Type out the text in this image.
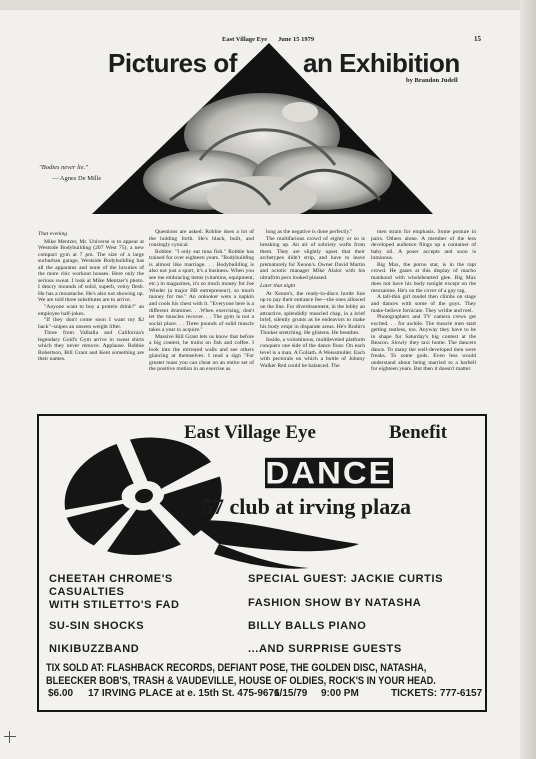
East Village Eye June 15 1979	15
Pictures of	an Exhibition
by Brandon Judell
"Bodies never lie."
— Agnes De Mille

That evening

Mike Mentzer, Mr. Universe is to appear at Westside Bodybuilding (207 West 75), a new compact gym at 7 pm. The size of a large surburban garage, Westside Bodybuilding has all the apparatus and none of the luxuries of the more chic workout houses. Here only the serious sweat. I look at Mike Mentzer's photo. I descry mounds of solid, superb, veiny flesh. He has a moustache. He's also not showing up. We are told three substitutes are to arrive.

"Anyone want to buy a protein drink?" an employee half-jokes.

"If they don't come soon I want my $2 back"–snipes an unseen weight lifter.

Three from Valhalla and California's legendary Gold's Gym arrive in sweat shirts which they never remove. Applause. Robbie Robertson, Bill Grant and Kent something are their names.

Questions are asked. Robbie does a lot of the holding forth. He's black, built, and rousingly cynical.

Robbie: "I only eat tuna fish." Robbie has trained for over eighteen years. "Bodybuilding is almost like marriage. . . Bodybuilding is also not just a sport, it's a business. When you see me embracing items (vitamins, equipment, etc.) in magazines, it's so much money for Joe Wieder (a major BB entrepreneur), so much money for me." An onlooker wets a napkin and cools his chest with it. "Everyone here is a different drummer. . .When exercising, don't let the muscles recover. . . The gym is not a social place. . . Three pounds of solid muscle takes a year to acquire."

Massive Bill Grant lets us know that before a big contest, he trains on fish and coffee. I look into the mirrored walls and see others glancing at themselves. I read a sign "For greater mass you can cheat on an entire set of the positive motion in an exercise as

long as the negative is done perfectly."

The multifarious crowd of eighty or so is breaking up. An air of sobriety wafts from them. They are slightly upset that their archetypes didn't strip, and have to leave prematurely for Xenon's. Owner David Martin and octotic manager Mike Alaloi with his ultrafirm pecs looked pleased.

Later that night

At Xenon's, the ready-to-disco horde line up to pay their entrance fee—the ones allowed on the line. For divertissement, in the lobby an attractive, splendidly muscled chap, in a brief brief, silently grunts as he endeavors to make his body erupt in disparate areas. He's Rodin's Thinker stretching. He glistens. He breathes.

Inside, a voluminous, multileveled platform conquers one side of the dance floor. On each level is a man. A Goliath. A Weissmuller. Each with pectorals on which a bottle of Johnny Walker Red could be balanced. The

men strain for emphasis. Some posture in pairs. Others alone. A member of the less developed audience flings up a container of baby oil. A poser accepts and soon is luminous.

Big Max, the porno star, is in the rapt crowd. He gazes at this display of macho manhood with wholehearted glee. Big Max does not have his body tonight except on the mezzanine. He's on the cover of a gay rag.

A tall-thin girl model then climbs on stage and dances with some of the guys. They make-believe fornicate. They writhe and reel.

Photographers and TV camera crews get excited. . . for awhile. The muscle men start getting restless, too. Anyway they have to be in shape for Saturday's big contest at the Beacon. Slowly they taxi home. The dancers dance. To many the well-developed men were freaks. To some gods. Even less would understand about being married to a barbell for eighteen years. But then it doesn't matter.

East Village Eye	Benefit
DANCE
57 club at irving plaza
CHEETAH CHROME'S
CASUALTIES
WITH STILETTO'S FAD
SU-SIN SHOCKS
NIKIBUZZBAND
SPECIAL GUEST: JACKIE CURTIS
FASHION SHOW BY NATASHA
BILLY BALLS PIANO
...AND SURPRISE GUESTS
TIX SOLD AT: FLASHBACK RECORDS, DEFIANT POSE, THE GOLDEN DISC, NATASHA,
BLEECKER BOB'S, TRASH & VAUDEVILLE, HOUSE OF OLDIES, ROCK'S IN YOUR HEAD.
$6.00 17 IRVING PLACE at e. 15th St. 475-9671
6/15/79 9:00 PM	TICKETS: 777-6157
